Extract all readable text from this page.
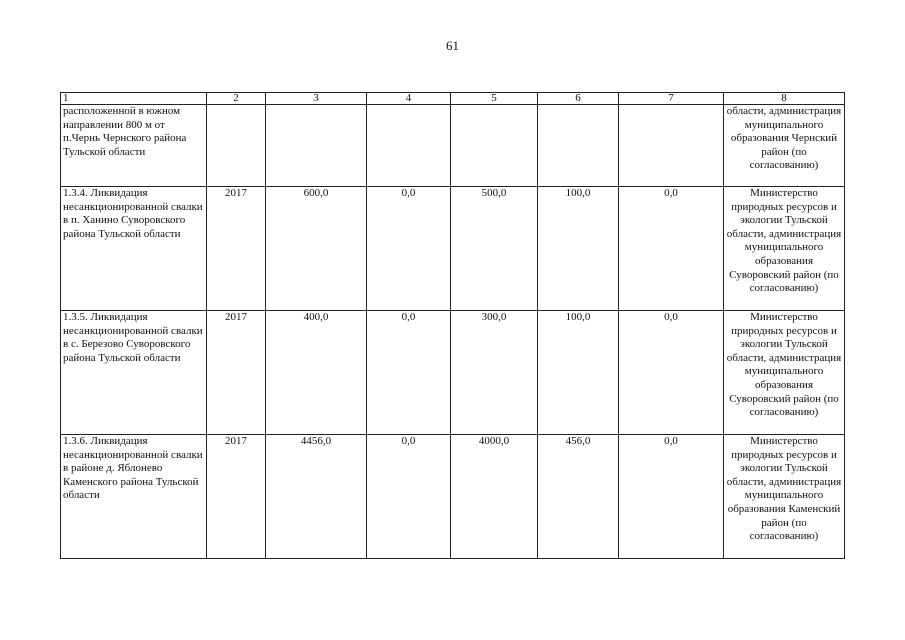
61
1	2	3	4	5	6	7	8
расположенной в южном направлении 800 м от п.Чернь Чернского района Тульской области							области, администрация муниципального образования Чернский район (по согласованию)
1.3.4. Ликвидация несанкционированной свалки в п. Ханино Суворовского района Тульской области	2017	600,0	0,0	500,0	100,0	0,0	Министерство природных ресурсов и экологии Тульской области, администрация муниципального образования Суворовский район (по согласованию)
1.3.5. Ликвидация несанкционированной свалки в с. Березово Суворовского района Тульской области	2017	400,0	0,0	300,0	100,0	0,0	Министерство природных ресурсов и экологии Тульской области, администрация муниципального образования Суворовский район (по согласованию)
1.3.6. Ликвидация несанкционированной свалки в районе д. Яблонево Каменского района Тульской области	2017	4456,0	0,0	4000,0	456,0	0,0	Министерство природных ресурсов и экологии Тульской области, администрация муниципального образования Каменский район (по согласованию)
